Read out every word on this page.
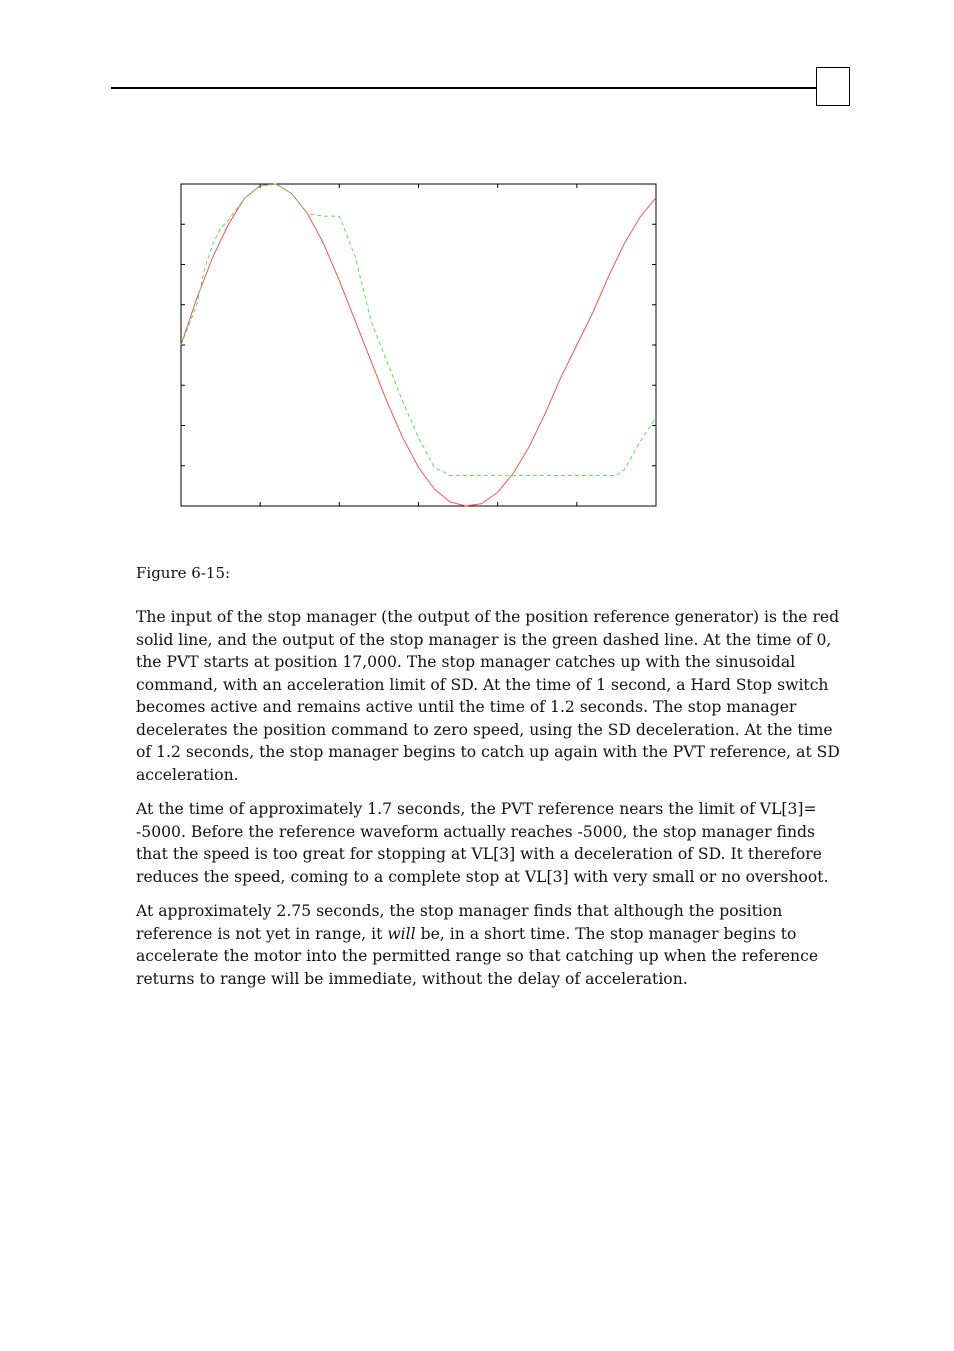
Figure 6-15:

The input of the stop manager (the output of the position reference generator) is the red solid line, and the output of the stop manager is the green dashed line. At the time of 0, the PVT starts at position 17,000. The stop manager catches up with the sinusoidal command, with an acceleration limit of SD. At the time of 1 second, a Hard Stop switch becomes active and remains active until the time of 1.2 seconds. The stop manager decelerates the position command to zero speed, using the SD deceleration. At the time of 1.2 seconds, the stop manager begins to catch up again with the PVT reference, at SD acceleration.

At the time of approximately 1.7 seconds, the PVT reference nears the limit of VL[3]= -5000. Before the reference waveform actually reaches -5000, the stop manager finds that the speed is too great for stopping at VL[3] with a deceleration of SD. It therefore reduces the speed, coming to a complete stop at VL[3] with very small or no overshoot.

At approximately 2.75 seconds, the stop manager finds that although the position reference is not yet in range, it will be, in a short time. The stop manager begins to accelerate the motor into the permitted range so that catching up when the reference returns to range will be immediate, without the delay of acceleration.
